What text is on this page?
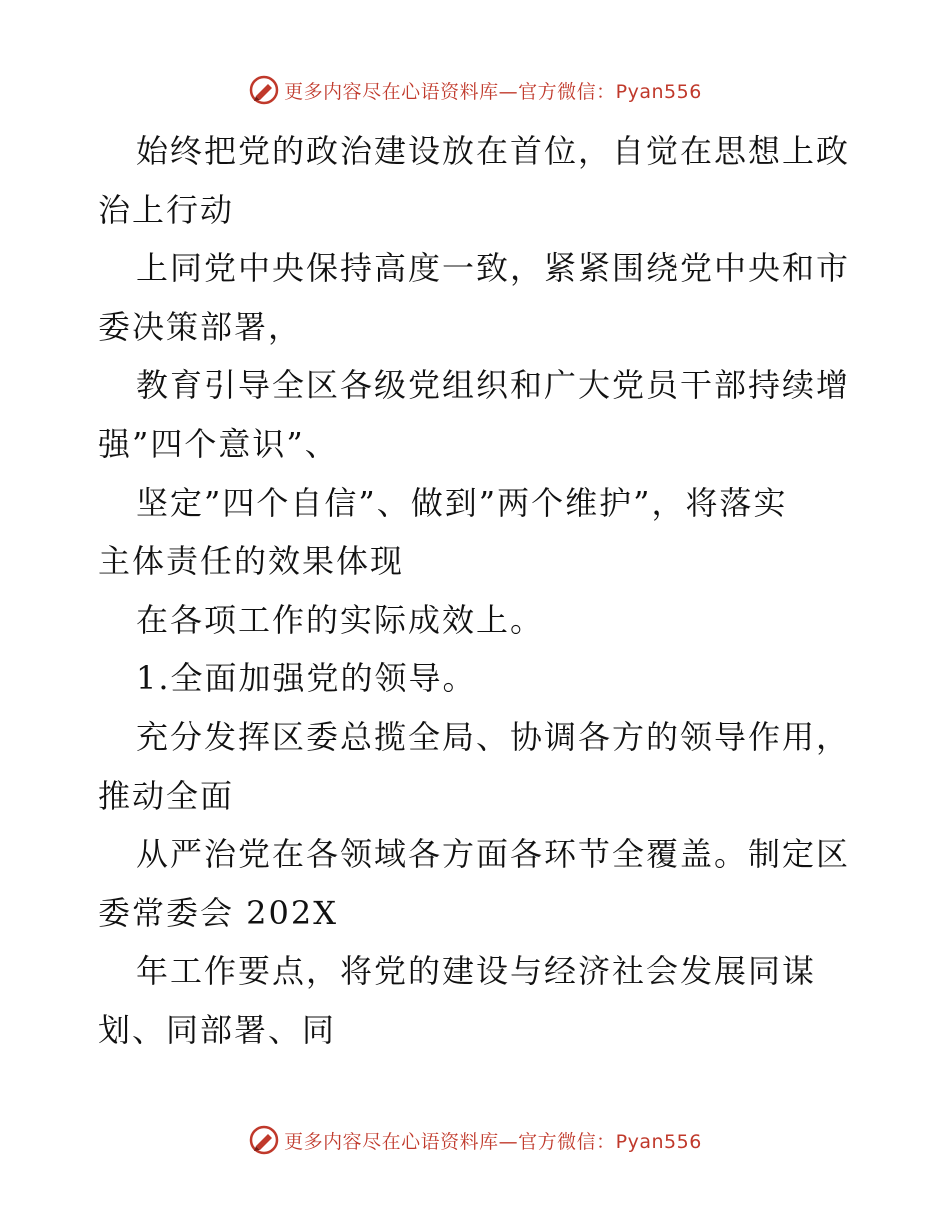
更多内容尽在心语资料库—官方微信：Pyan556
始终把党的政治建设放在首位，自觉在思想上政
治上行动
上同党中央保持高度一致，紧紧围绕党中央和市
委决策部署，
教育引导全区各级党组织和广大党员干部持续增
强”四个意识”、
坚定”四个自信”、做到”两个维护”，将落实
主体责任的效果体现
在各项工作的实际成效上。
1.全面加强党的领导。
充分发挥区委总揽全局、协调各方的领导作用，
推动全面
从严治党在各领域各方面各环节全覆盖。制定区
委常委会 202X
年工作要点，将党的建设与经济社会发展同谋
划、同部署、同
更多内容尽在心语资料库—官方微信：Pyan556
